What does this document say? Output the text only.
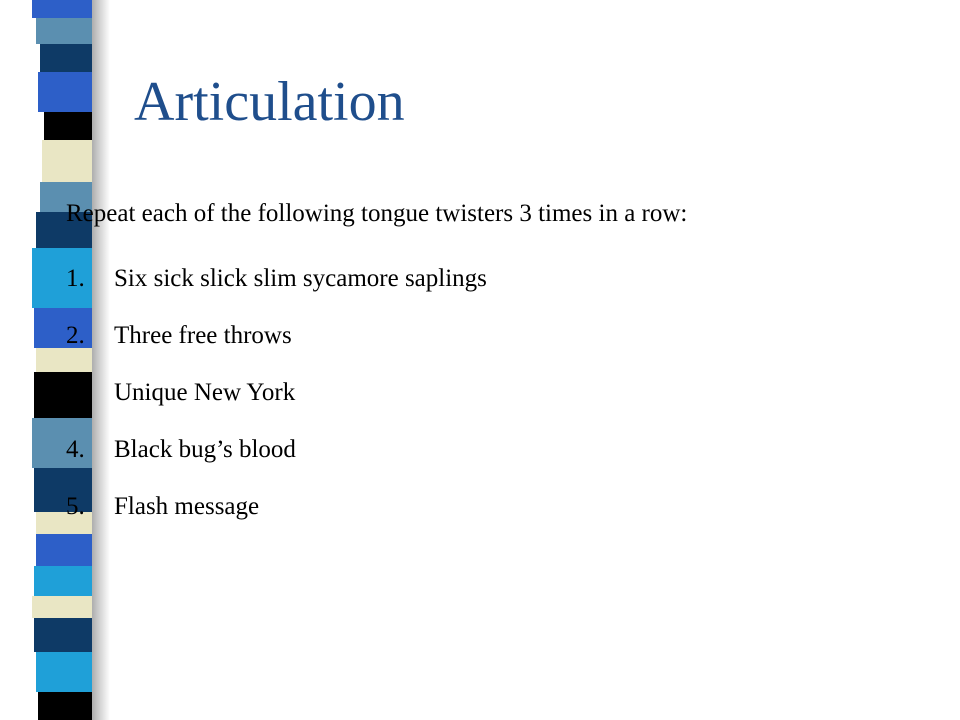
Articulation

Repeat each of the following tongue twisters 3 times in a row:

1.	Six sick slick slim sycamore saplings
2.	Three free throws
3.	Unique New York
4.	Black bug’s blood
5.	Flash message
